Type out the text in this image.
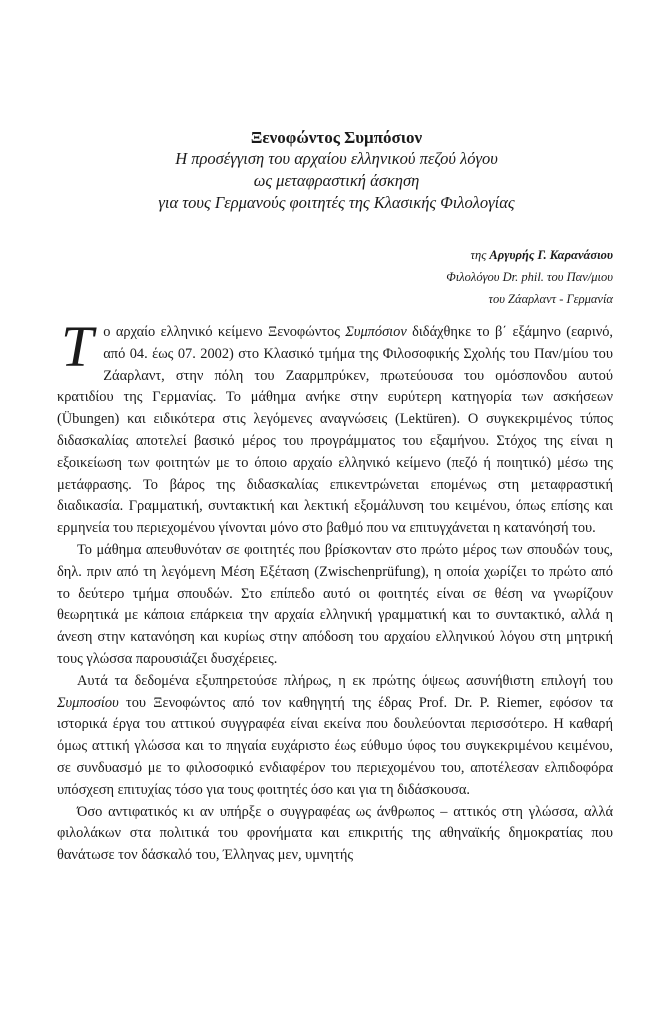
Ξενοφώντος Συμπόσιον
Η προσέγγιση του αρχαίου ελληνικού πεζού λόγου
ως μεταφραστική άσκηση
για τους Γερμανούς φοιτητές της Κλασικής Φιλολογίας
της Αργυρής Γ. Καρανάσιου
Φιλολόγου Dr. phil. του Παν/μιου
του Ζάαρλαντ - Γερμανία

Το αρχαίο ελληνικό κείμενο Ξενοφώντος Συμπόσιον διδάχθηκε το β΄ εξάμηνο (εαρινό, από 04. έως 07. 2002) στο Κλασικό τμήμα της Φιλοσοφικής Σχολής του Παν/μίου του Ζάαρλαντ, στην πόλη του Ζααρμπρύκεν, πρωτεύουσα του ομόσπονδου αυτού κρατιδίου της Γερμανίας. Το μάθημα ανήκε στην ευρύτερη κατηγορία των ασκήσεων (Übungen) και ειδικότερα στις λεγόμενες αναγνώσεις (Lektüren). Ο συγκεκριμένος τύπος διδασκαλίας αποτελεί βασικό μέρος του προγράμματος του εξαμήνου. Στόχος της είναι η εξοικείωση των φοιτητών με το όποιο αρχαίο ελληνικό κείμενο (πεζό ή ποιητικό) μέσω της μετάφρασης. Το βάρος της διδασκαλίας επικεντρώνεται επομένως στη μεταφραστική διαδικασία. Γραμματική, συντακτική και λεκτική εξομάλυνση του κειμένου, όπως επίσης και ερμηνεία του περιεχομένου γίνονται μόνο στο βαθμό που να επιτυγχάνεται η κατανόησή του.

Το μάθημα απευθυνόταν σε φοιτητές που βρίσκονταν στο πρώτο μέρος των σπουδών τους, δηλ. πριν από τη λεγόμενη Μέση Εξέταση (Zwischenprüfung), η οποία χωρίζει το πρώτο από το δεύτερο τμήμα σπουδών. Στο επίπεδο αυτό οι φοιτητές είναι σε θέση να γνωρίζουν θεωρητικά με κάποια επάρκεια την αρχαία ελληνική γραμματική και το συντακτικό, αλλά η άνεση στην κατανόηση και κυρίως στην απόδοση του αρχαίου ελληνικού λόγου στη μητρική τους γλώσσα παρουσιάζει δυσχέρειες.

Αυτά τα δεδομένα εξυπηρετούσε πλήρως, η εκ πρώτης όψεως ασυνήθιστη επιλογή του Συμποσίου του Ξενοφώντος από τον καθηγητή της έδρας Prof. Dr. P. Riemer, εφόσον τα ιστορικά έργα του αττικού συγγραφέα είναι εκείνα που δουλεύονται περισσότερο. Η καθαρή όμως αττική γλώσσα και το πηγαία ευχάριστο έως εύθυμο ύφος του συγκεκριμένου κειμένου, σε συνδυασμό με το φιλοσοφικό ενδιαφέρον του περιεχομένου του, αποτέλεσαν ελπιδοφόρα υπόσχεση επιτυχίας τόσο για τους φοιτητές όσο και για τη διδάσκουσα.

Όσο αντιφατικός κι αν υπήρξε ο συγγραφέας ως άνθρωπος – αττικός στη γλώσσα, αλλά φιλολάκων στα πολιτικά του φρονήματα και επικριτής της αθηναϊκής δημοκρατίας που θανάτωσε τον δάσκαλό του, Έλληνας μεν, υμνητής
